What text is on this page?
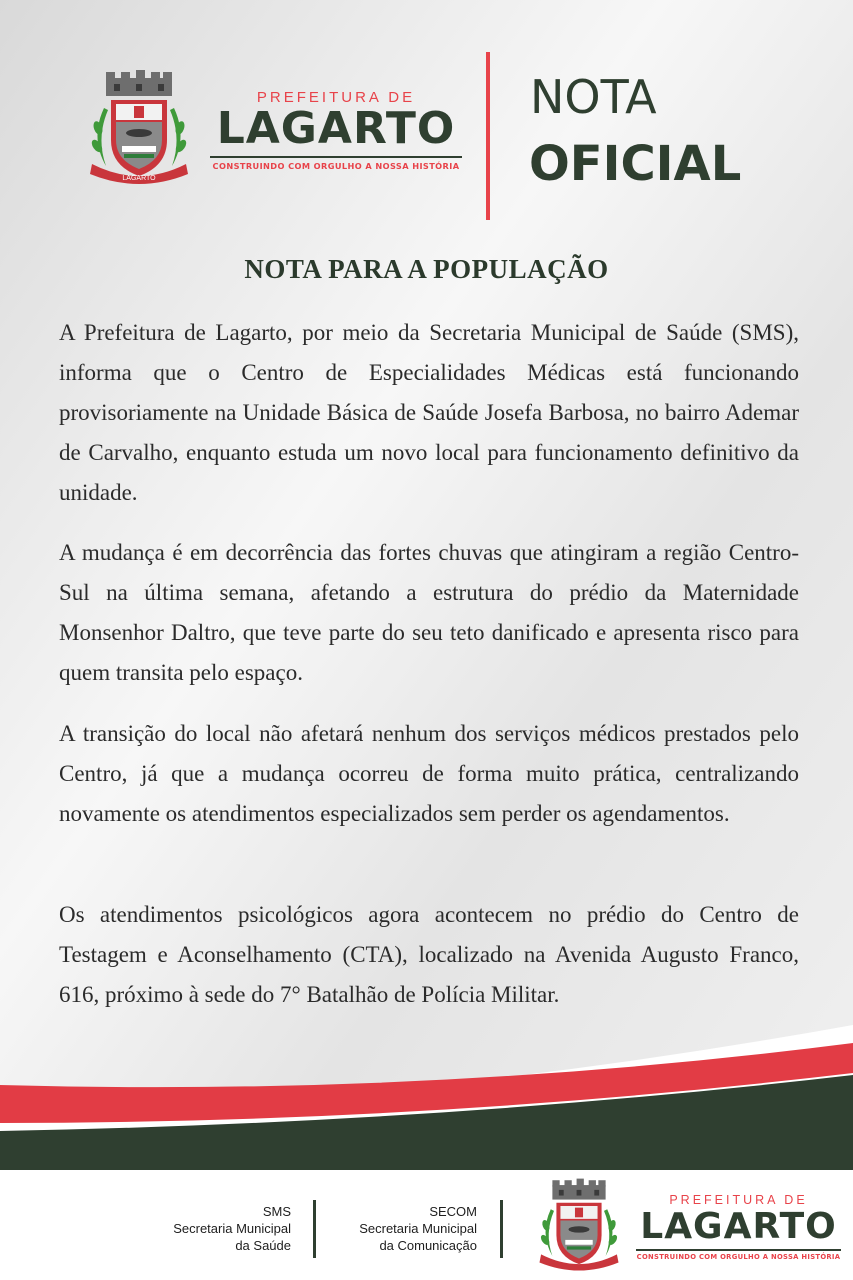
LAGARTO
PREFEITURA DE
LAGARTO
CONSTRUINDO COM ORGULHO A NOSSA HISTÓRIA
NOTA
OFICIAL
NOTA PARA A POPULAÇÃO

A Prefeitura de Lagarto, por meio da Secretaria Municipal de Saúde (SMS), informa que o Centro de Especialidades Médicas está funcionando provisoriamente na Unidade Básica de Saúde Josefa Barbosa, no bairro Ademar de Carvalho, enquanto estuda um novo local para funcionamento definitivo da unidade.

A mudança é em decorrência das fortes chuvas que atingiram a região Centro-Sul na última semana, afetando a estrutura do prédio da Maternidade Monsenhor Daltro, que teve parte do seu teto danificado e apresenta risco para quem transita pelo espaço.

A transição do local não afetará nenhum dos serviços médicos prestados pelo Centro, já que a mudança ocorreu de forma muito prática, centralizando novamente os atendimentos especializados sem perder os agendamentos.

Os atendimentos psicológicos agora acontecem no prédio do Centro de Testagem e Aconselhamento (CTA), localizado na Avenida Augusto Franco, 616, próximo à sede do 7° Batalhão de Polícia Militar.

SMS
Secretaria Municipal
da Saúde
SECOM
Secretaria Municipal
da Comunicação
PREFEITURA DE
LAGARTO
CONSTRUINDO COM ORGULHO A NOSSA HISTÓRIA
